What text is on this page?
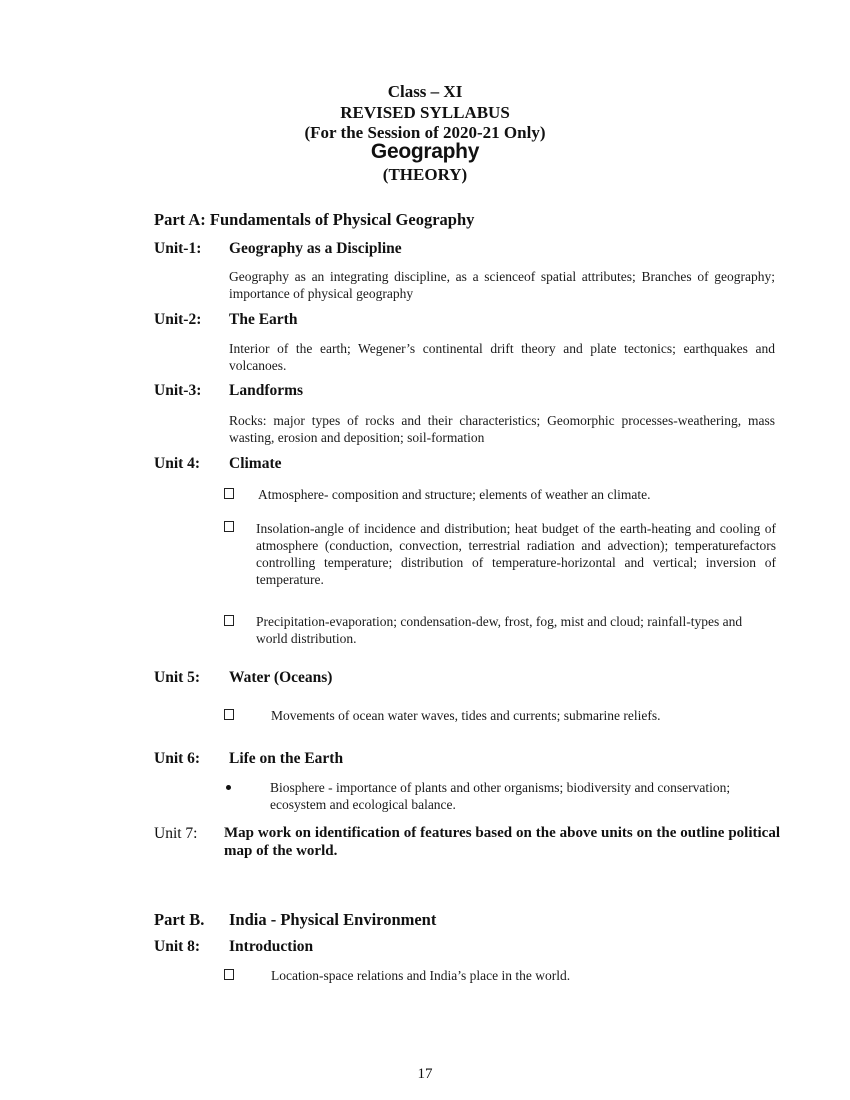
Class – XI
REVISED SYLLABUS
(For the Session of 2020-21 Only)
Geography
(THEORY)
Part A: Fundamentals of Physical Geography
Unit-1: Geography as a Discipline
Geography as an integrating discipline, as a scienceof spatial attributes; Branches of geography; importance of physical geography
Unit-2: The Earth
Interior of the earth; Wegener’s continental drift theory and plate tectonics; earthquakes and volcanoes.
Unit-3: Landforms
Rocks: major types of rocks and their characteristics; Geomorphic processes-weathering, mass wasting, erosion and deposition; soil-formation
Unit 4: Climate
Atmosphere- composition and structure; elements of weather an climate.
Insolation-angle of incidence and distribution; heat budget of the earth-heating and cooling of atmosphere (conduction, convection, terrestrial radiation and advection); temperaturefactors controlling temperature; distribution of temperature-horizontal and vertical; inversion of temperature.
Precipitation-evaporation; condensation-dew, frost, fog, mist and cloud; rainfall-types and world distribution.
Unit 5: Water (Oceans)
Movements of ocean water waves, tides and currents; submarine reliefs.
Unit 6: Life on the Earth
Biosphere - importance of plants and other organisms; biodiversity and conservation; ecosystem and ecological balance.
Unit 7: Map work on identification of features based on the above units on the outline political map of the world.
Part B. India - Physical Environment
Unit 8: Introduction
Location-space relations and India’s place in the world.
17
